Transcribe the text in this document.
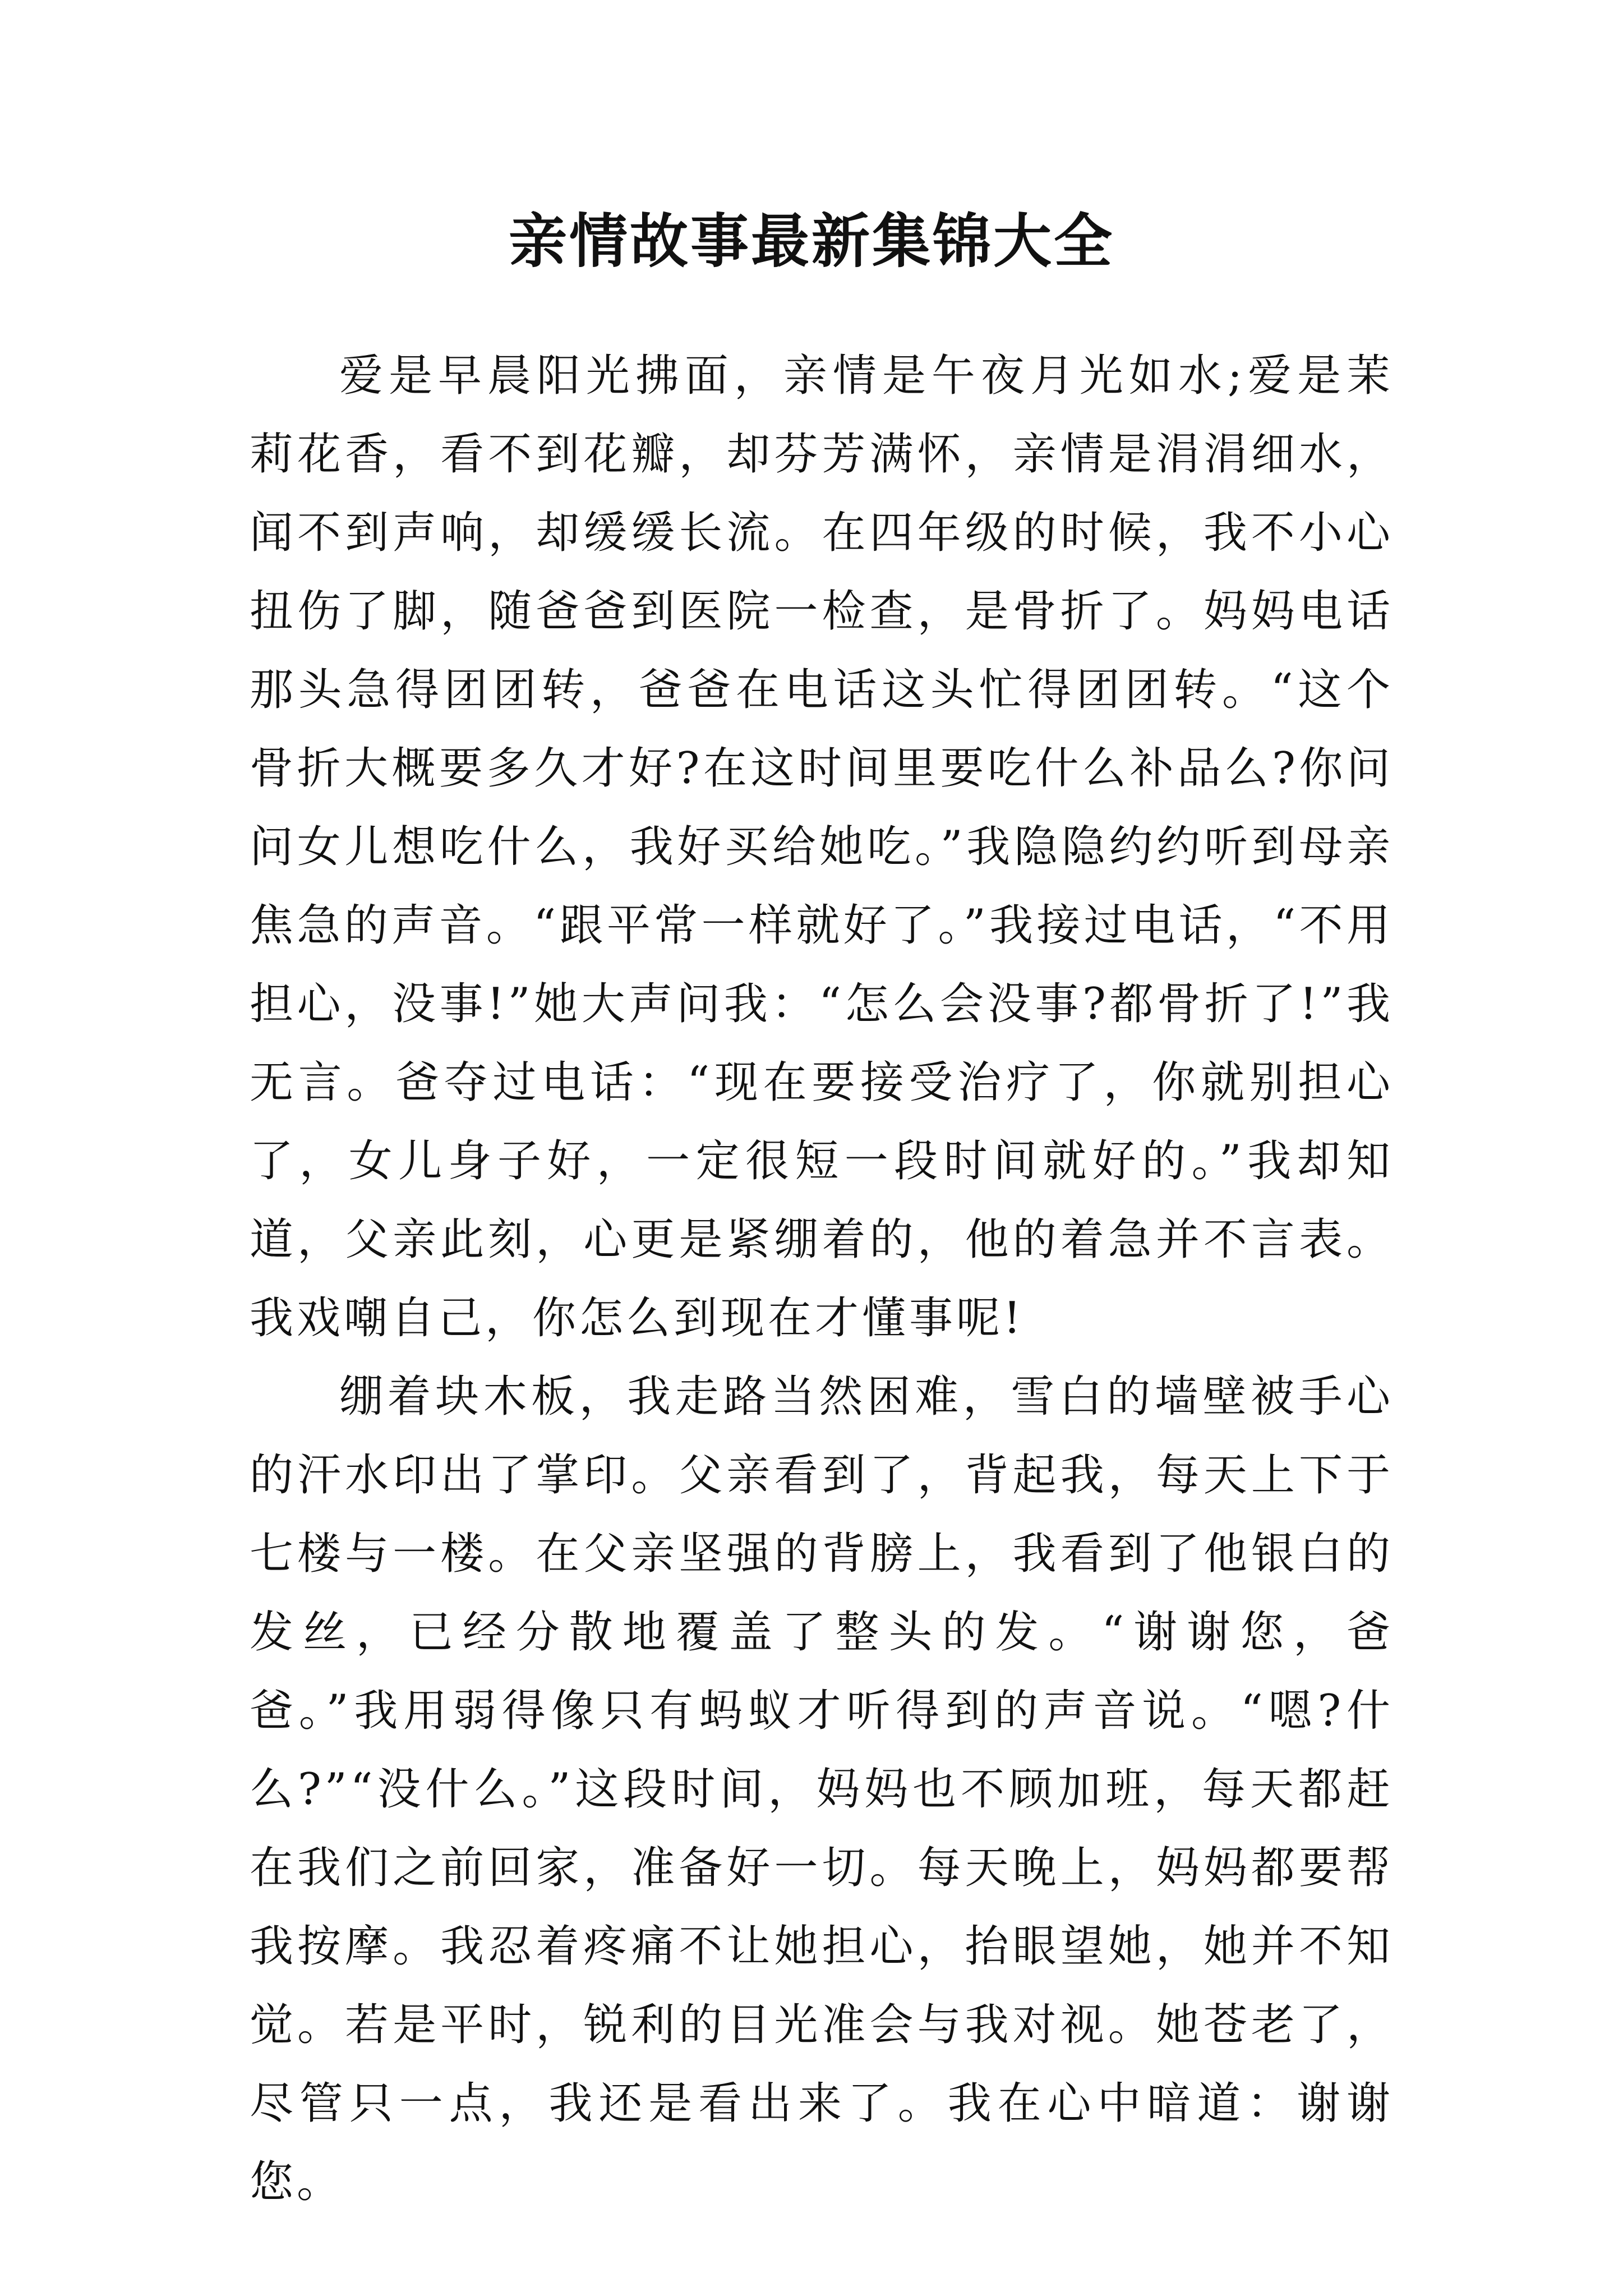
亲情故事最新集锦大全

爱是早晨阳光拂面，亲情是午夜月光如水;爱是茉莉花香，看不到花瓣，却芬芳满怀，亲情是涓涓细水，闻不到声响，却缓缓长流。在四年级的时候，我不小心扭伤了脚，随爸爸到医院一检查，是骨折了。妈妈电话那头急得团团转，爸爸在电话这头忙得团团转。“这个骨折大概要多久才好?在这时间里要吃什么补品么?你问问女儿想吃什么，我好买给她吃。”我隐隐约约听到母亲焦急的声音。“跟平常一样就好了。”我接过电话，“不用担心，没事!”她大声问我：“怎么会没事?都骨折了!”我无言。爸夺过电话：“现在要接受治疗了，你就别担心了，女儿身子好，一定很短一段时间就好的。”我却知道，父亲此刻，心更是紧绷着的，他的着急并不言表。我戏嘲自己，你怎么到现在才懂事呢!

绷着块木板，我走路当然困难，雪白的墙壁被手心的汗水印出了掌印。父亲看到了，背起我，每天上下于七楼与一楼。在父亲坚强的背膀上，我看到了他银白的发丝，已经分散地覆盖了整头的发。“谢谢您，爸爸。”我用弱得像只有蚂蚁才听得到的声音说。“嗯?什么?”“没什么。”这段时间，妈妈也不顾加班，每天都赶在我们之前回家，准备好一切。每天晚上，妈妈都要帮我按摩。我忍着疼痛不让她担心，抬眼望她，她并不知觉。若是平时，锐利的目光准会与我对视。她苍老了，尽管只一点，我还是看出来了。我在心中暗道：谢谢您。
